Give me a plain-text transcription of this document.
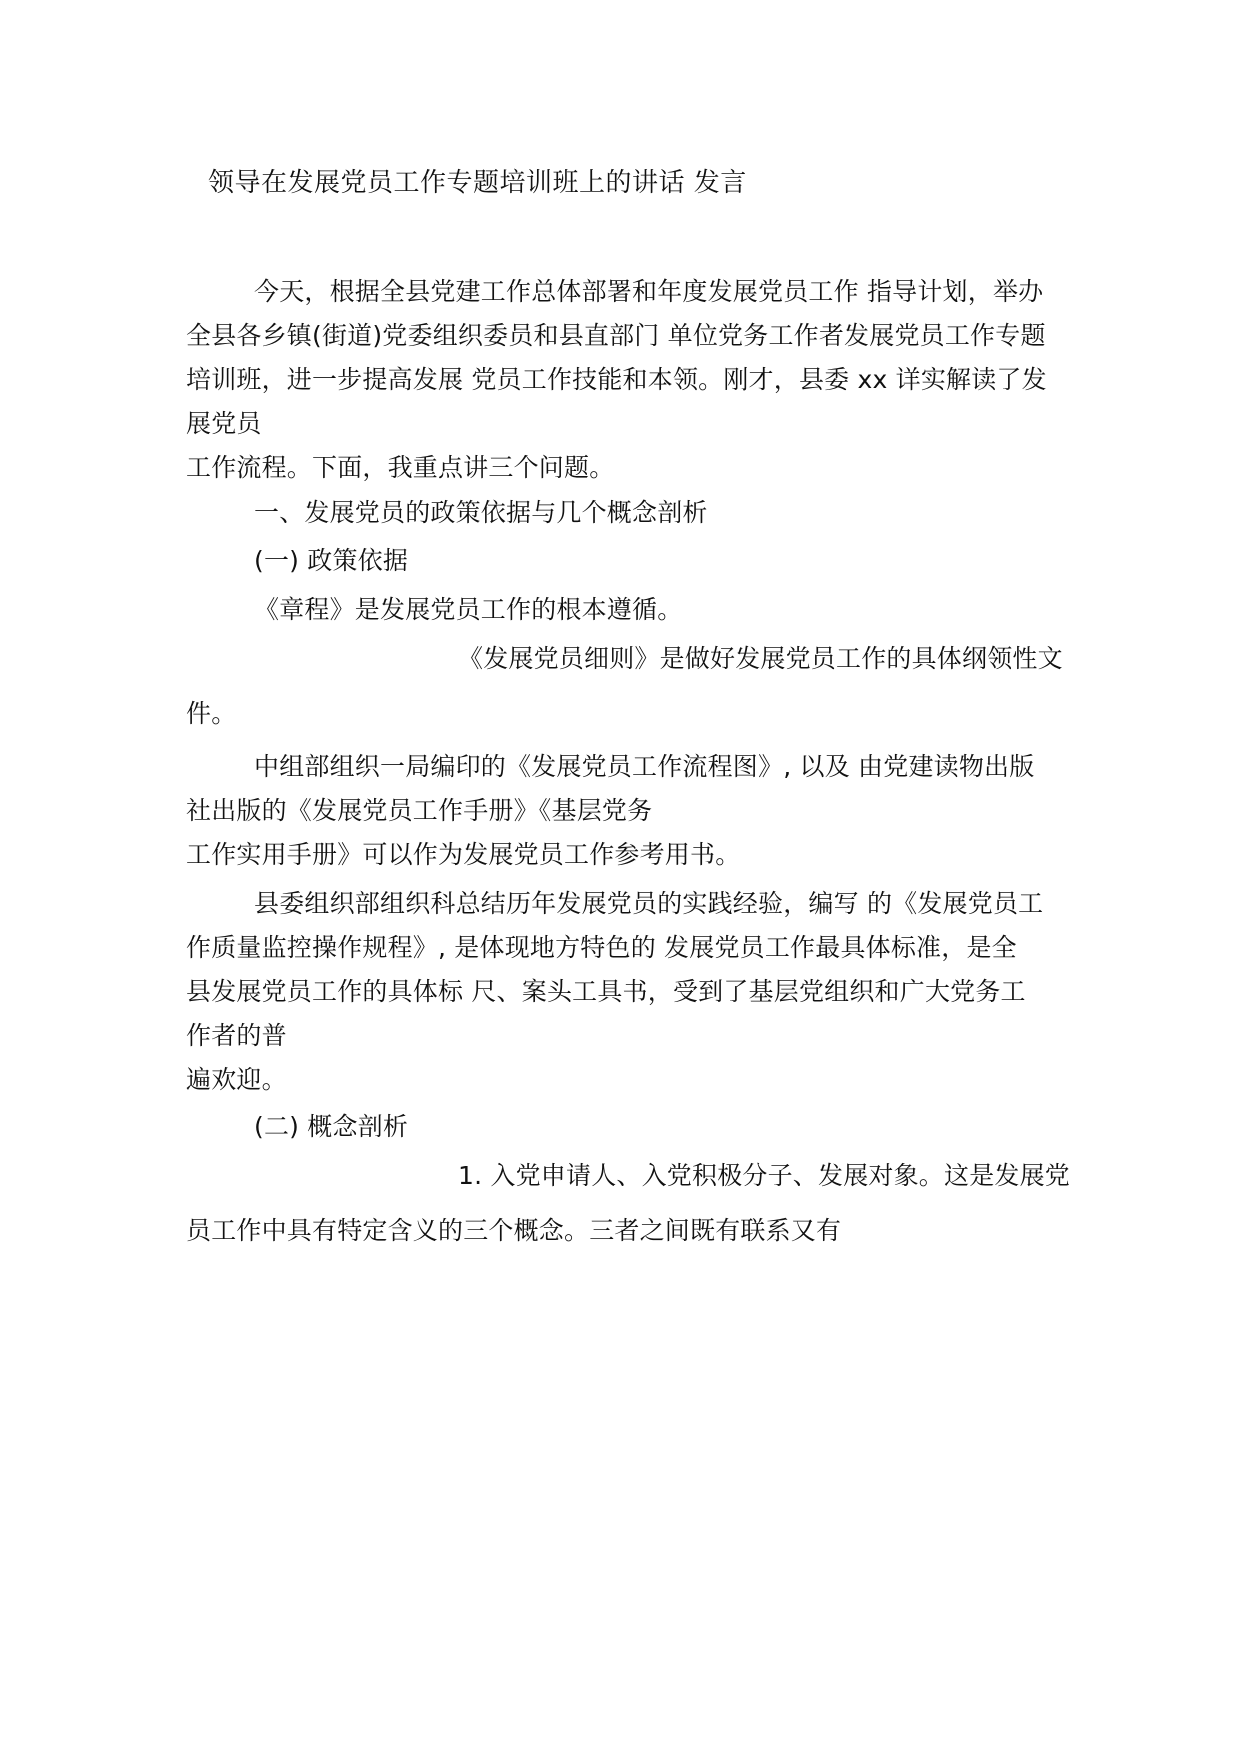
领导在发展党员工作专题培训班上的讲话 发言
今天，根据全县党建工作总体部署和年度发展党员工作 指导计划，举办
全县各乡镇(街道)党委组织委员和县直部门 单位党务工作者发展党员工作专题
培训班，进一步提高发展 党员工作技能和本领。刚才，县委 xx 详实解读了发
展党员
工作流程。下面，我重点讲三个问题。
一、发展党员的政策依据与几个概念剖析
(一) 政策依据
《章程》是发展党员工作的根本遵循。
《发展党员细则》是做好发展党员工作的具体纲领性文
件。
中组部组织一局编印的《发展党员工作流程图》, 以及 由党建读物出版
社出版的《发展党员工作手册》《基层党务
工作实用手册》可以作为发展党员工作参考用书。
县委组织部组织科总结历年发展党员的实践经验，编写 的《发展党员工
作质量监控操作规程》, 是体现地方特色的 发展党员工作最具体标准，是全
县发展党员工作的具体标 尺、案头工具书，受到了基层党组织和广大党务工
作者的普
遍欢迎。
(二) 概念剖析
1. 入党申请人、入党积极分子、发展对象。这是发展党
员工作中具有特定含义的三个概念。三者之间既有联系又有
